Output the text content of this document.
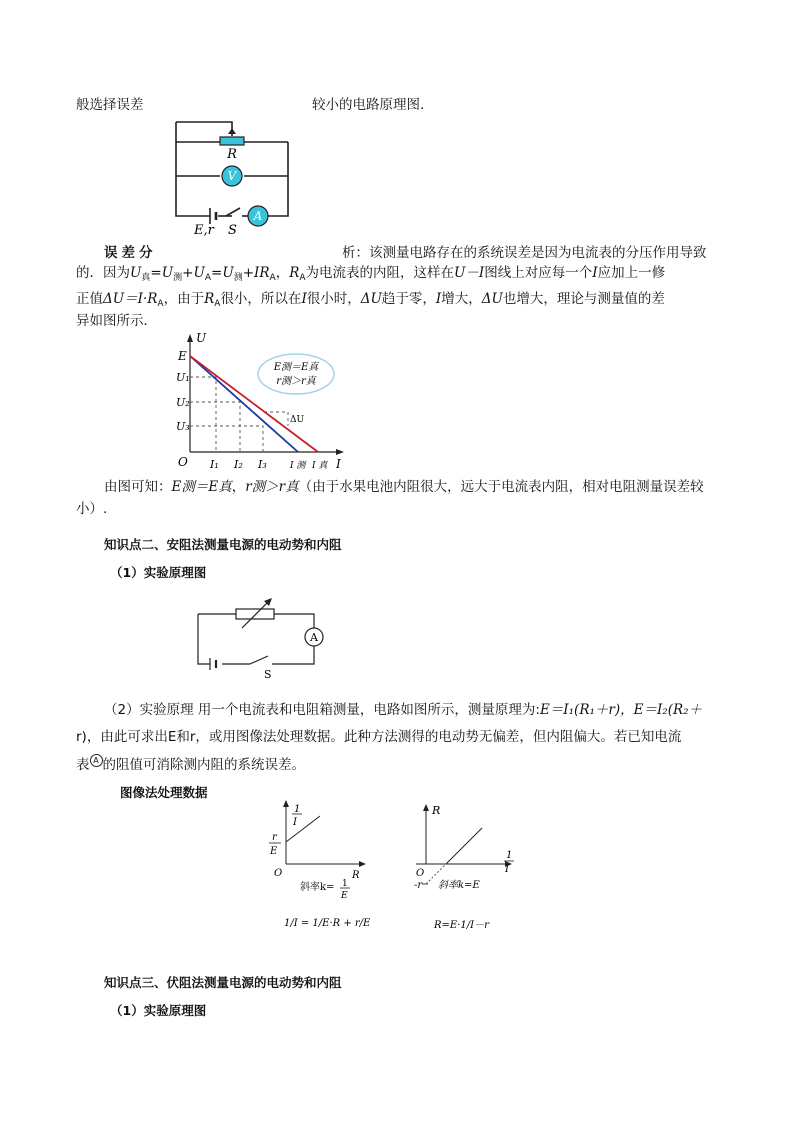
般选择误差	较小的电路原理图.
V
A
R
E,r S
误差分	析：该测量电路存在的系统误差是因为电流表的分压作用导致
的．因为$U_真=U_测+U_A=U_测+IR_A$，$R_A$为电流表的内阻，这样在U－I图线上对应每一个I应加上一修
正值$\Delta U=I\cdot R_A$，由于$R_A$很小，所以在I很小时，ΔU趋于零，I增大，ΔU也增大，理论与测量值的差
异如图所示．
E测＝E真
r测＞r真
ΔU
U
E
U₁
U₂
U₃
O I₁ I₂ I₃	I 测 I 真 I
由图可知：E测＝E真，r测＞r真（由于水果电池内阻很大，远大于电流表内阻，相对电阻测量误差较
小）.
知识点二、安阻法测量电源的电动势和内阻
（1）实验原理图
A
S
（2）实验原理 用一个电流表和电阻箱测量，电路如图所示，测量原理为:E＝I₁(R₁＋r)，E＝I₂(R₂＋
r)，由此可求出E和r，或用图像法处理数据。此种方法测得的电动势无偏差，但内阻偏大。若已知电流
表 A 的阻值可消除测内阻的系统误差。
图像法处理数据
1
I
r
E
O	R
斜率k= 1
E
1/I = 1/E·R + r/E
R
1
I
O
-r 斜率k=E
R=E·1/I－r
知识点三、伏阻法测量电源的电动势和内阻
（1）实验原理图
